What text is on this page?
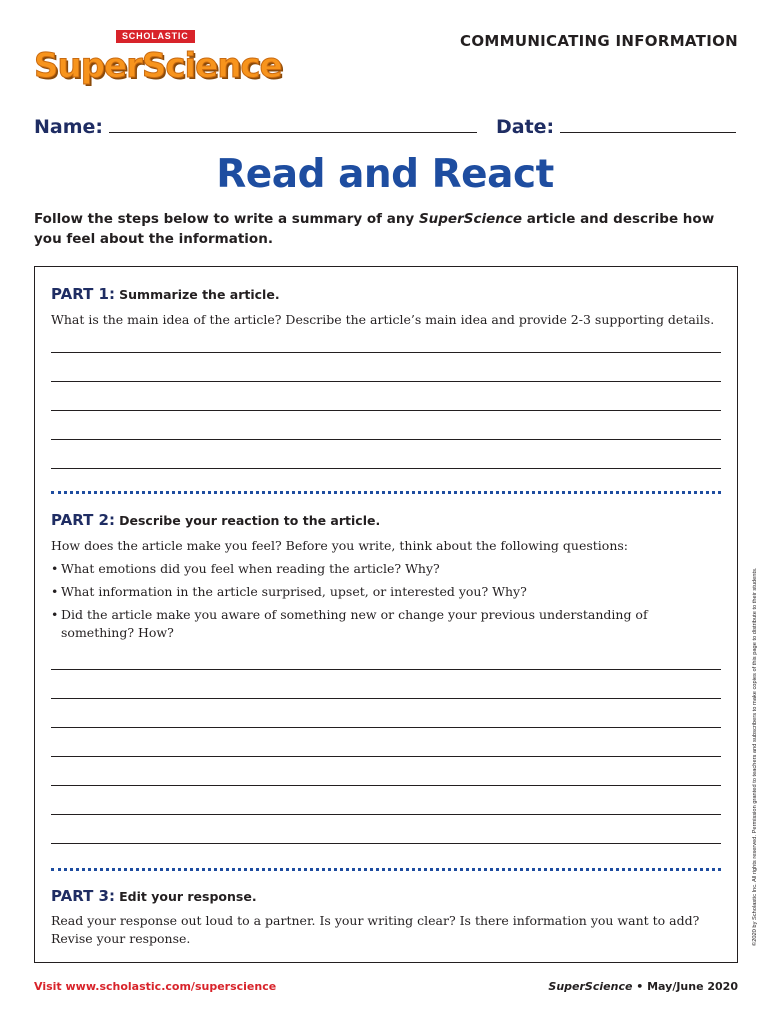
SCHOLASTIC
SuperScience
COMMUNICATING INFORMATION
Name:	Date:
Read and React
Follow the steps below to write a summary of any SuperScience article and describe how you feel about the information.
PART 1: Summarize the article.
What is the main idea of the article? Describe the article’s main idea and provide 2-3 supporting details.
PART 2: Describe your reaction to the article.
How does the article make you feel? Before you write, think about the following questions:
• What emotions did you feel when reading the article? Why?
• What information in the article surprised, upset, or interested you? Why?
• Did the article make you aware of something new or change your previous understanding of something? How?
PART 3: Edit your response.
Read your response out loud to a partner. Is your writing clear? Is there information you want to add? Revise your response.	©2020 by Scholastic Inc. All rights reserved. Permission granted to teachers and subscribers to make copies of this page to distribute to their students.
Visit www.scholastic.com/superscience	SuperScience • May/June 2020
